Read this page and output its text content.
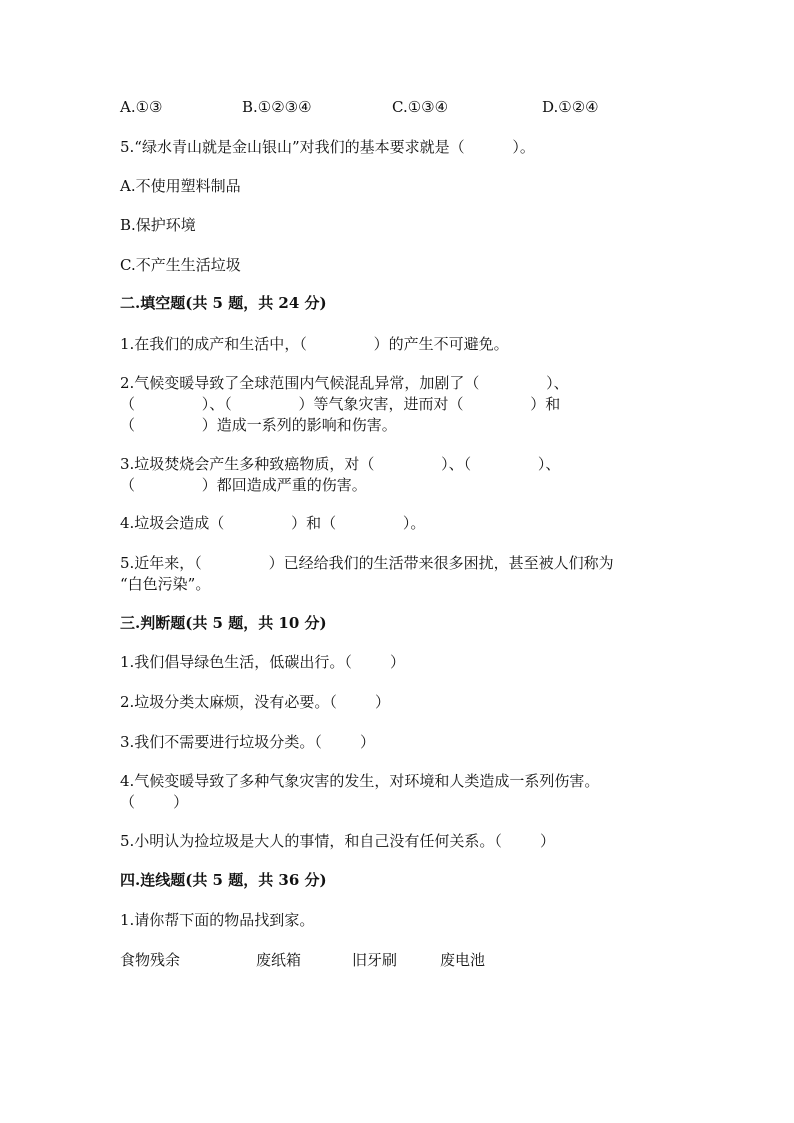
A.①③	B.①②③④	C.①③④	D.①②④
5.“绿水青山就是金山银山”对我们的基本要求就是（          ）。
A.不使用塑料制品
B.保护环境
C.不产生生活垃圾
二.填空题(共 5 题，共 24 分)
1.在我们的成产和生活中，（              ）的产生不可避免。
2.气候变暖导致了全球范围内气候混乱异常，加剧了（              ）、
（              ）、（              ）等气象灾害，进而对（              ）和
（              ）造成一系列的影响和伤害。
3.垃圾焚烧会产生多种致癌物质，对（              ）、（              ）、
（              ）都回造成严重的伤害。
4.垃圾会造成（              ）和（              ）。
5.近年来，（              ）已经给我们的生活带来很多困扰，甚至被人们称为
“白色污染”。
三.判断题(共 5 题，共 10 分)
1.我们倡导绿色生活，低碳出行。（        ）
2.垃圾分类太麻烦，没有必要。（        ）
3.我们不需要进行垃圾分类。（        ）
4.气候变暖导致了多种气象灾害的发生，对环境和人类造成一系列伤害。
（        ）
5.小明认为捡垃圾是大人的事情，和自己没有任何关系。（        ）
四.连线题(共 5 题，共 36 分)
1.请你帮下面的物品找到家。
食物残余	废纸箱	旧牙刷	废电池
